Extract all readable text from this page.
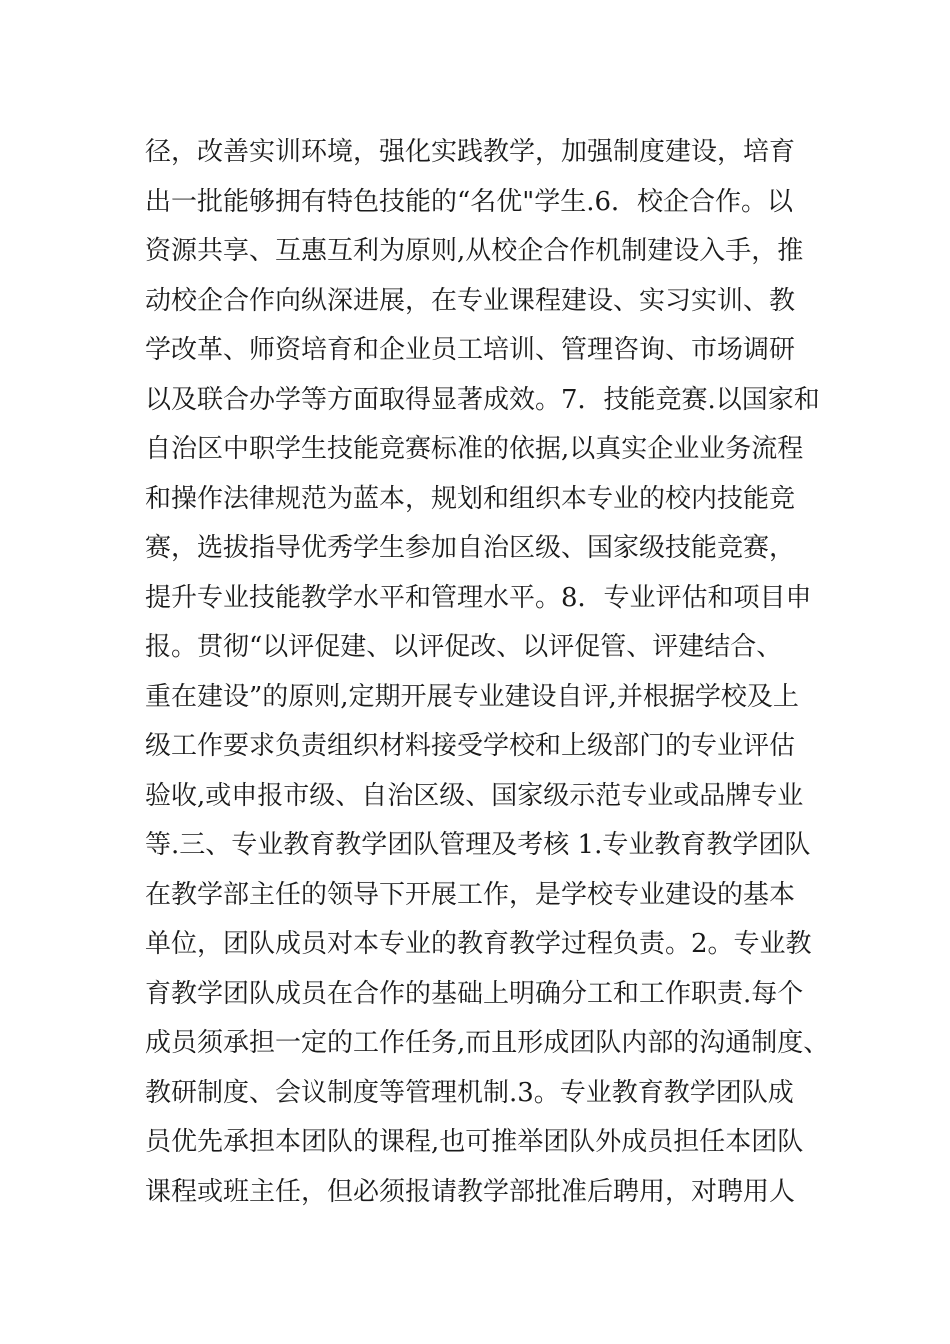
径，改善实训环境，强化实践教学，加强制度建设，培育
出一批能够拥有特色技能的“名优"学生.6．校企合作。以
资源共享、互惠互利为原则,从校企合作机制建设入手，推
动校企合作向纵深进展，在专业课程建设、实习实训、教
学改革、师资培育和企业员工培训、管理咨询、市场调研
以及联合办学等方面取得显著成效。7．技能竞赛.以国家和
自治区中职学生技能竞赛标准的依据,以真实企业业务流程
和操作法律规范为蓝本，规划和组织本专业的校内技能竞
赛，选拔指导优秀学生参加自治区级、国家级技能竞赛，
提升专业技能教学水平和管理水平。8．专业评估和项目申
报。贯彻“以评促建、以评促改、以评促管、评建结合、
重在建设”的原则,定期开展专业建设自评,并根据学校及上
级工作要求负责组织材料接受学校和上级部门的专业评估
验收,或申报市级、自治区级、国家级示范专业或品牌专业
等.三、专业教育教学团队管理及考核 1.专业教育教学团队
在教学部主任的领导下开展工作，是学校专业建设的基本
单位，团队成员对本专业的教育教学过程负责。2。专业教
育教学团队成员在合作的基础上明确分工和工作职责.每个
成员须承担一定的工作任务,而且形成团队内部的沟通制度、
教研制度、会议制度等管理机制.3。专业教育教学团队成
员优先承担本团队的课程,也可推举团队外成员担任本团队
课程或班主任，但必须报请教学部批准后聘用，对聘用人
